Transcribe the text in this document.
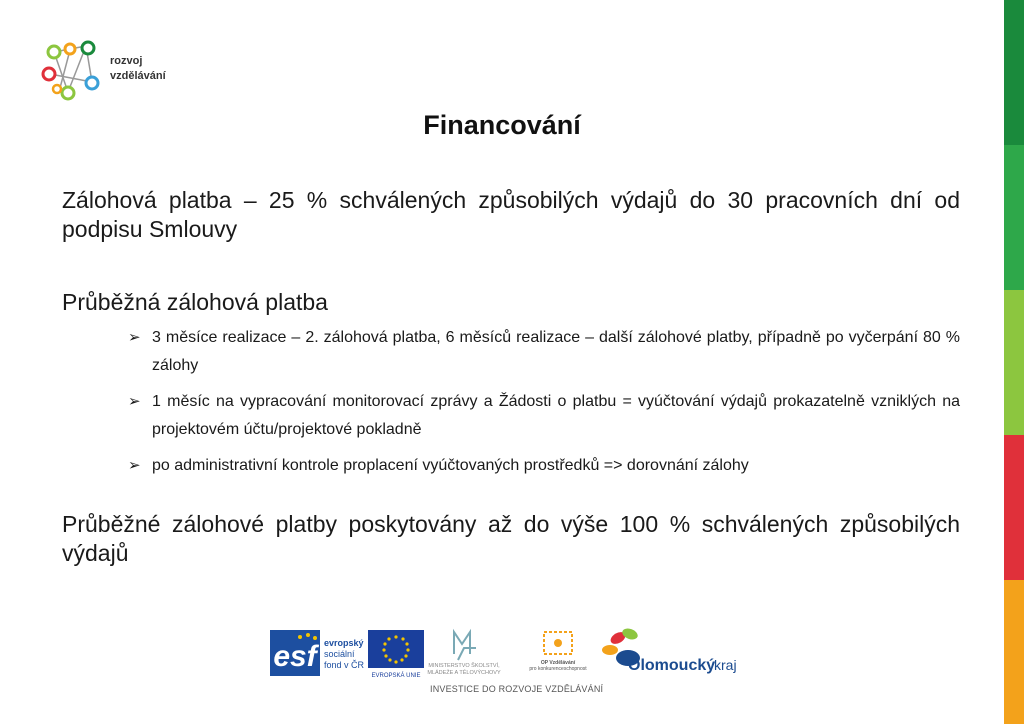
rozvoj
vzdělávání
Financování
Zálohová platba – 25 % schválených způsobilých výdajů do 30 pracovních dní od podpisu Smlouvy
Průběžná zálohová platba
➢ 3 měsíce realizace – 2. zálohová platba, 6 měsíců realizace – další zálohové platby, případně po vyčerpání 80 % zálohy
➢ 1 měsíc na vypracování monitorovací zprávy a Žádosti o platbu = vyúčtování výdajů prokazatelně vzniklých na projektovém účtu/projektové pokladně
➢ po administrativní kontrole proplacení vyúčtovaných prostředků => dorovnání zálohy
Průběžné zálohové platby poskytovány až do výše 100 % schválených způsobilých výdajů
esf evropský
sociální
fond v ČR
EVROPSKÁ UNIE
MINISTERSTVO ŠKOLSTVÍ,
MLÁDEŽE A TĚLOVÝCHOVY
OP Vzdělávání
pro konkurenceschopnost	Olomoucký
kraj
INVESTICE DO ROZVOJE VZDĚLÁVÁNÍ
